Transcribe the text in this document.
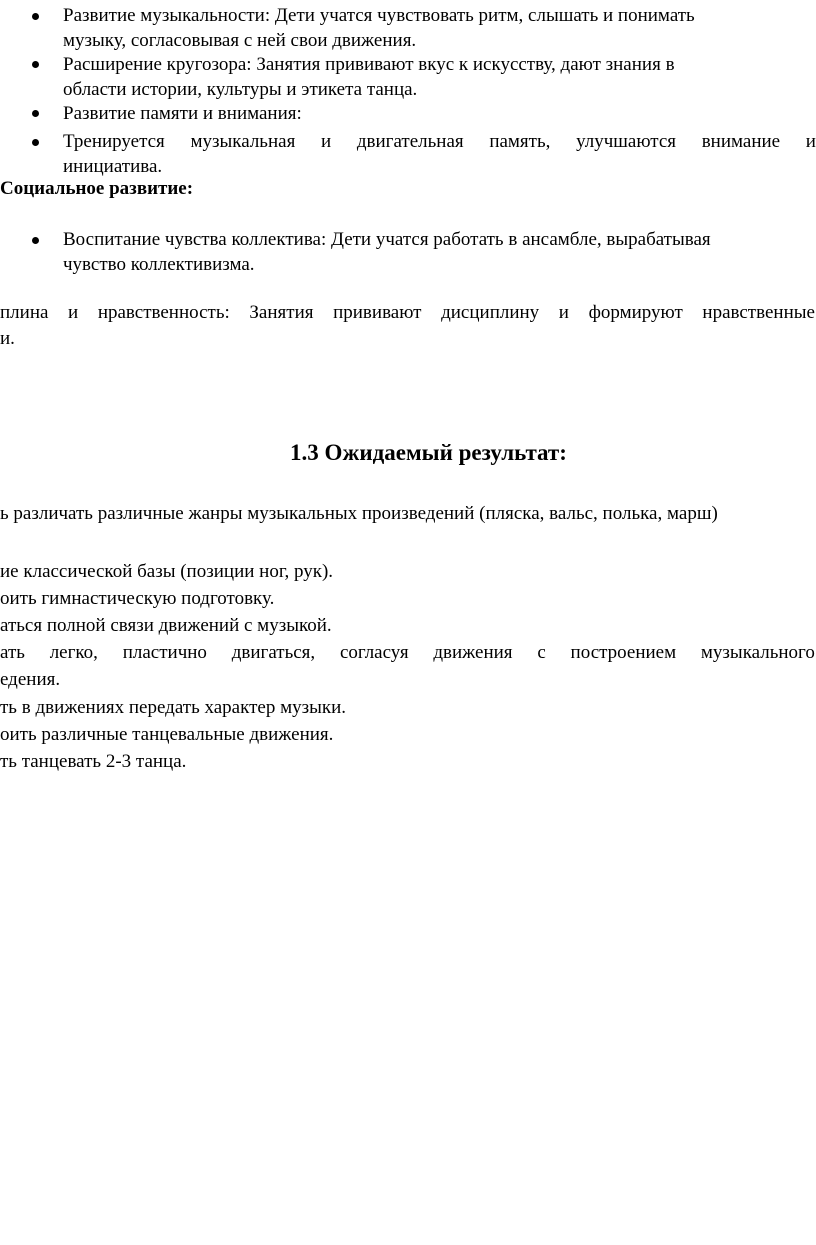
Развитие музыкальности: Дети учатся чувствовать ритм, слышать и понимать
музыку, согласовывая с ней свои движения.
Расширение кругозора: Занятия прививают вкус к искусству, дают знания в
области истории, культуры и этикета танца.
Развитие памяти и внимания:
Тренируется музыкальная и двигательная память, улучшаются внимание и
инициатива.
Социальное развитие:
Воспитание чувства коллектива: Дети учатся работать в ансамбле, вырабатывая
чувство коллективизма.
плина и нравственность: Занятия прививают дисциплину и формируют нравственные
и.
1.3 Ожидаемый результат:
ь различать различные жанры музыкальных произведений (пляска, вальс, полька, марш)
ие классической базы (позиции ног, рук).
оить гимнастическую подготовку.
аться полной связи движений с музыкой.
ать легко, пластично двигаться, согласуя движения с построением музыкального
едения.
ть в движениях передать характер музыки.
оить различные танцевальные движения.
ть танцевать 2-3 танца.
